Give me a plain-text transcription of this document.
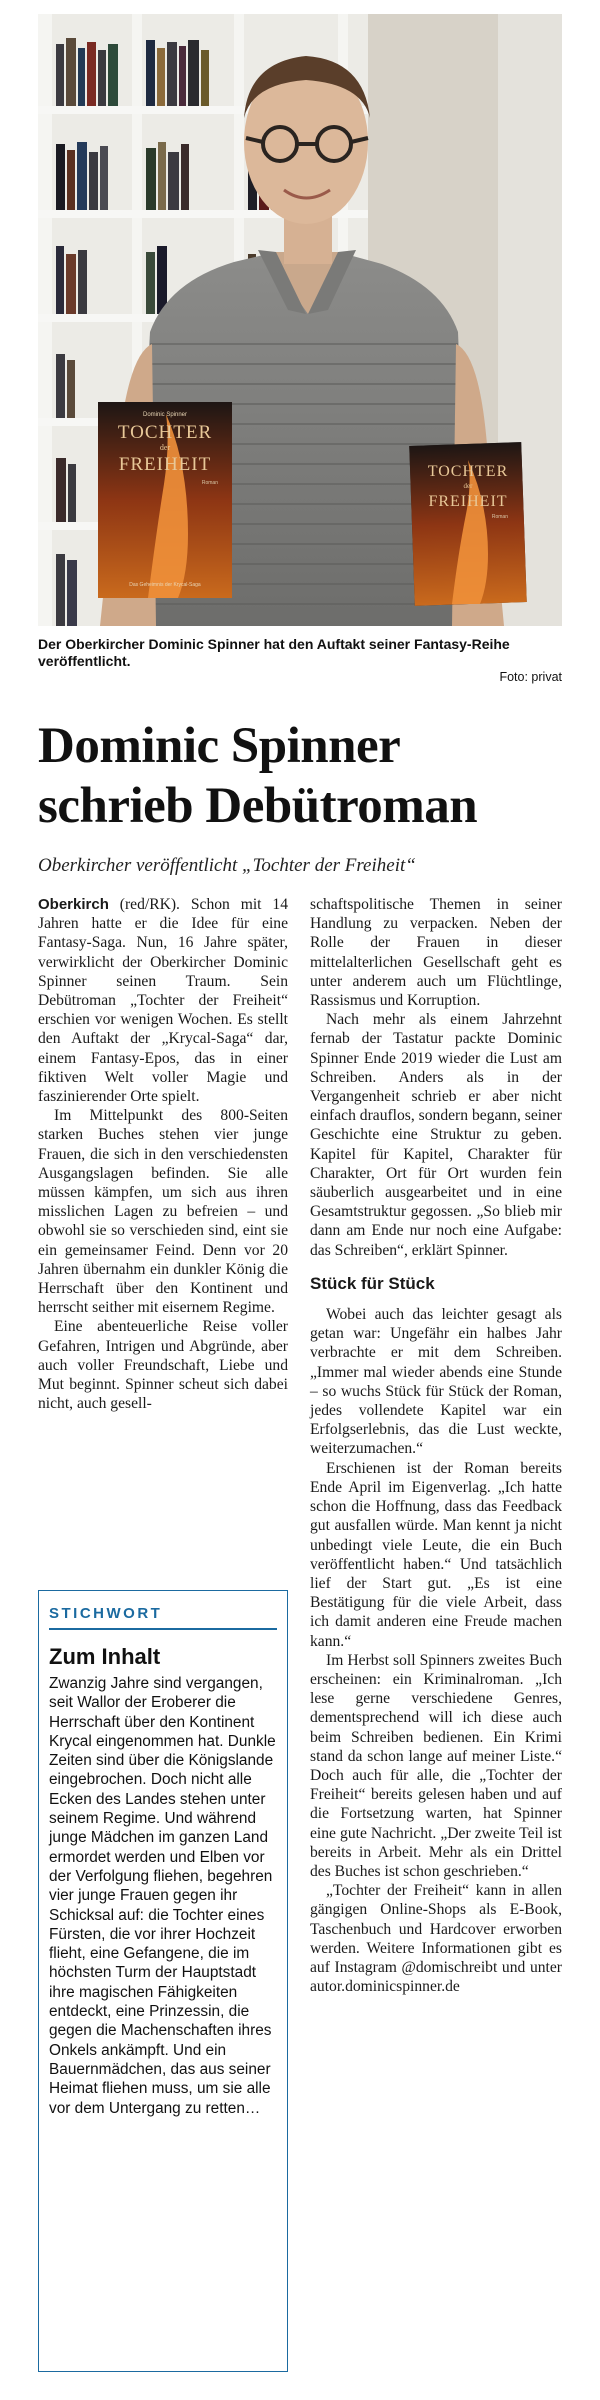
Dominic Spinner
TOCHTER
der
FREIHEIT
Roman
Das Geheimnis der Krycal-Saga
TOCHTER
der
FREIHEIT
Roman
Der Oberkircher Dominic Spinner hat den Auftakt seiner Fantasy-Reihe veröffentlicht.
Foto: privat
Dominic Spinner schrieb Debütroman
Oberkircher veröffentlicht „Tochter der Freiheit“

Oberkirch (red/RK). Schon mit 14 Jahren hatte er die Idee für eine Fantasy-Saga. Nun, 16 Jahre später, verwirklicht der Oberkircher Dominic Spinner seinen Traum. Sein Debütroman „Tochter der Freiheit“ erschien vor wenigen Wochen. Es stellt den Auftakt der „Krycal-Saga“ dar, einem Fantasy-Epos, das in einer fiktiven Welt voller Magie und faszinierender Orte spielt.

Im Mittelpunkt des 800-Seiten starken Buches stehen vier junge Frauen, die sich in den verschiedensten Ausgangslagen befinden. Sie alle müssen kämpfen, um sich aus ihren misslichen Lagen zu befreien – und obwohl sie so verschieden sind, eint sie ein gemeinsamer Feind. Denn vor 20 Jahren übernahm ein dunkler König die Herrschaft über den Kontinent und herrscht seither mit eisernem Regime.

Eine abenteuerliche Reise voller Gefahren, Intrigen und Abgründe, aber auch voller Freundschaft, Liebe und Mut beginnt. Spinner scheut sich dabei nicht, auch gesell-

STICHWORT
Zum Inhalt
Zwanzig Jahre sind vergangen, seit Wallor der Eroberer die Herrschaft über den Kontinent Krycal eingenommen hat. Dunkle Zeiten sind über die Königslande eingebrochen. Doch nicht alle Ecken des Landes stehen unter seinem Regime. Und während junge Mädchen im ganzen Land ermordet werden und Elben vor der Verfolgung fliehen, begehren vier junge Frauen gegen ihr Schicksal auf: die Tochter eines Fürsten, die vor ihrer Hochzeit flieht, eine Gefangene, die im höchsten Turm der Hauptstadt ihre magischen Fähigkeiten entdeckt, eine Prinzessin, die gegen die Machenschaften ihres Onkels ankämpft. Und ein Bauernmädchen, das aus seiner Heimat fliehen muss, um sie alle vor dem Untergang zu retten…

schaftspolitische Themen in seiner Handlung zu verpacken. Neben der Rolle der Frauen in dieser mittelalterlichen Gesellschaft geht es unter anderem auch um Flüchtlinge, Rassismus und Korruption.

Nach mehr als einem Jahrzehnt fernab der Tastatur packte Dominic Spinner Ende 2019 wieder die Lust am Schreiben. Anders als in der Vergangenheit schrieb er aber nicht einfach drauflos, sondern begann, seiner Geschichte eine Struktur zu geben. Kapitel für Kapitel, Charakter für Charakter, Ort für Ort wurden fein säuberlich ausgearbeitet und in eine Gesamtstruktur gegossen. „So blieb mir dann am Ende nur noch eine Aufgabe: das Schreiben“, erklärt Spinner.

Stück für Stück

Wobei auch das leichter gesagt als getan war: Ungefähr ein halbes Jahr verbrachte er mit dem Schreiben. „Immer mal wieder abends eine Stunde – so wuchs Stück für Stück der Roman, jedes vollendete Kapitel war ein Erfolgserlebnis, das die Lust weckte, weiterzumachen.“

Erschienen ist der Roman bereits Ende April im Eigenverlag. „Ich hatte schon die Hoffnung, dass das Feedback gut ausfallen würde. Man kennt ja nicht unbedingt viele Leute, die ein Buch veröffentlicht haben.“ Und tatsächlich lief der Start gut. „Es ist eine Bestätigung für die viele Arbeit, dass ich damit anderen eine Freude machen kann.“

Im Herbst soll Spinners zweites Buch erscheinen: ein Kriminalroman. „Ich lese gerne verschiedene Genres, dementsprechend will ich diese auch beim Schreiben bedienen. Ein Krimi stand da schon lange auf meiner Liste.“ Doch auch für alle, die „Tochter der Freiheit“ bereits gelesen haben und auf die Fortsetzung warten, hat Spinner eine gute Nachricht. „Der zweite Teil ist bereits in Arbeit. Mehr als ein Drittel des Buches ist schon geschrieben.“

„Tochter der Freiheit“ kann in allen gängigen Online-Shops als E-Book, Taschenbuch und Hardcover erworben werden. Weitere Informationen gibt es auf Instagram @domischreibt und unter autor.dominicspinner.de
